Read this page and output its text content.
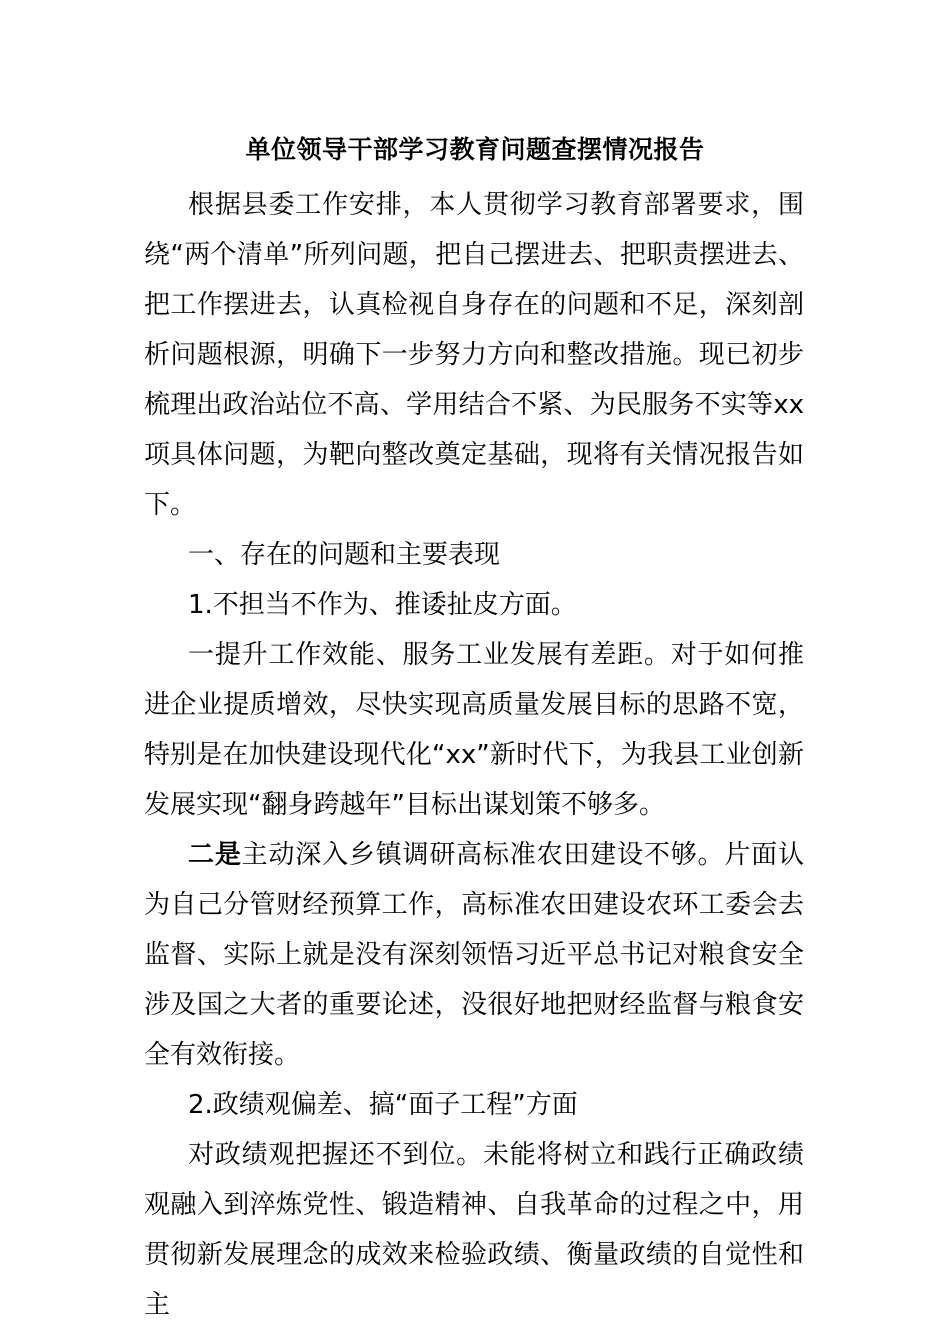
单位领导干部学习教育问题查摆情况报告

根据县委工作安排，本人贯彻学习教育部署要求，围绕“两个清单”所列问题，把自己摆进去、把职责摆进去、把工作摆进去，认真检视自身存在的问题和不足，深刻剖析问题根源，明确下一步努力方向和整改措施。现已初步梳理出政治站位不高、学用结合不紧、为民服务不实等xx项具体问题，为靶向整改奠定基础，现将有关情况报告如下。

一、存在的问题和主要表现

1.不担当不作为、推诿扯皮方面。

一提升工作效能、服务工业发展有差距。对于如何推进企业提质增效，尽快实现高质量发展目标的思路不宽，特别是在加快建设现代化“xx”新时代下，为我县工业创新发展实现“翻身跨越年”目标出谋划策不够多。

二是主动深入乡镇调研高标准农田建设不够。片面认为自己分管财经预算工作，高标准农田建设农环工委会去监督、实际上就是没有深刻领悟习近平总书记对粮食安全涉及国之大者的重要论述，没很好地把财经监督与粮食安全有效衔接。

2.政绩观偏差、搞“面子工程”方面

对政绩观把握还不到位。未能将树立和践行正确政绩观融入到淬炼党性、锻造精神、自我革命的过程之中，用贯彻新发展理念的成效来检验政绩、衡量政绩的自觉性和主
